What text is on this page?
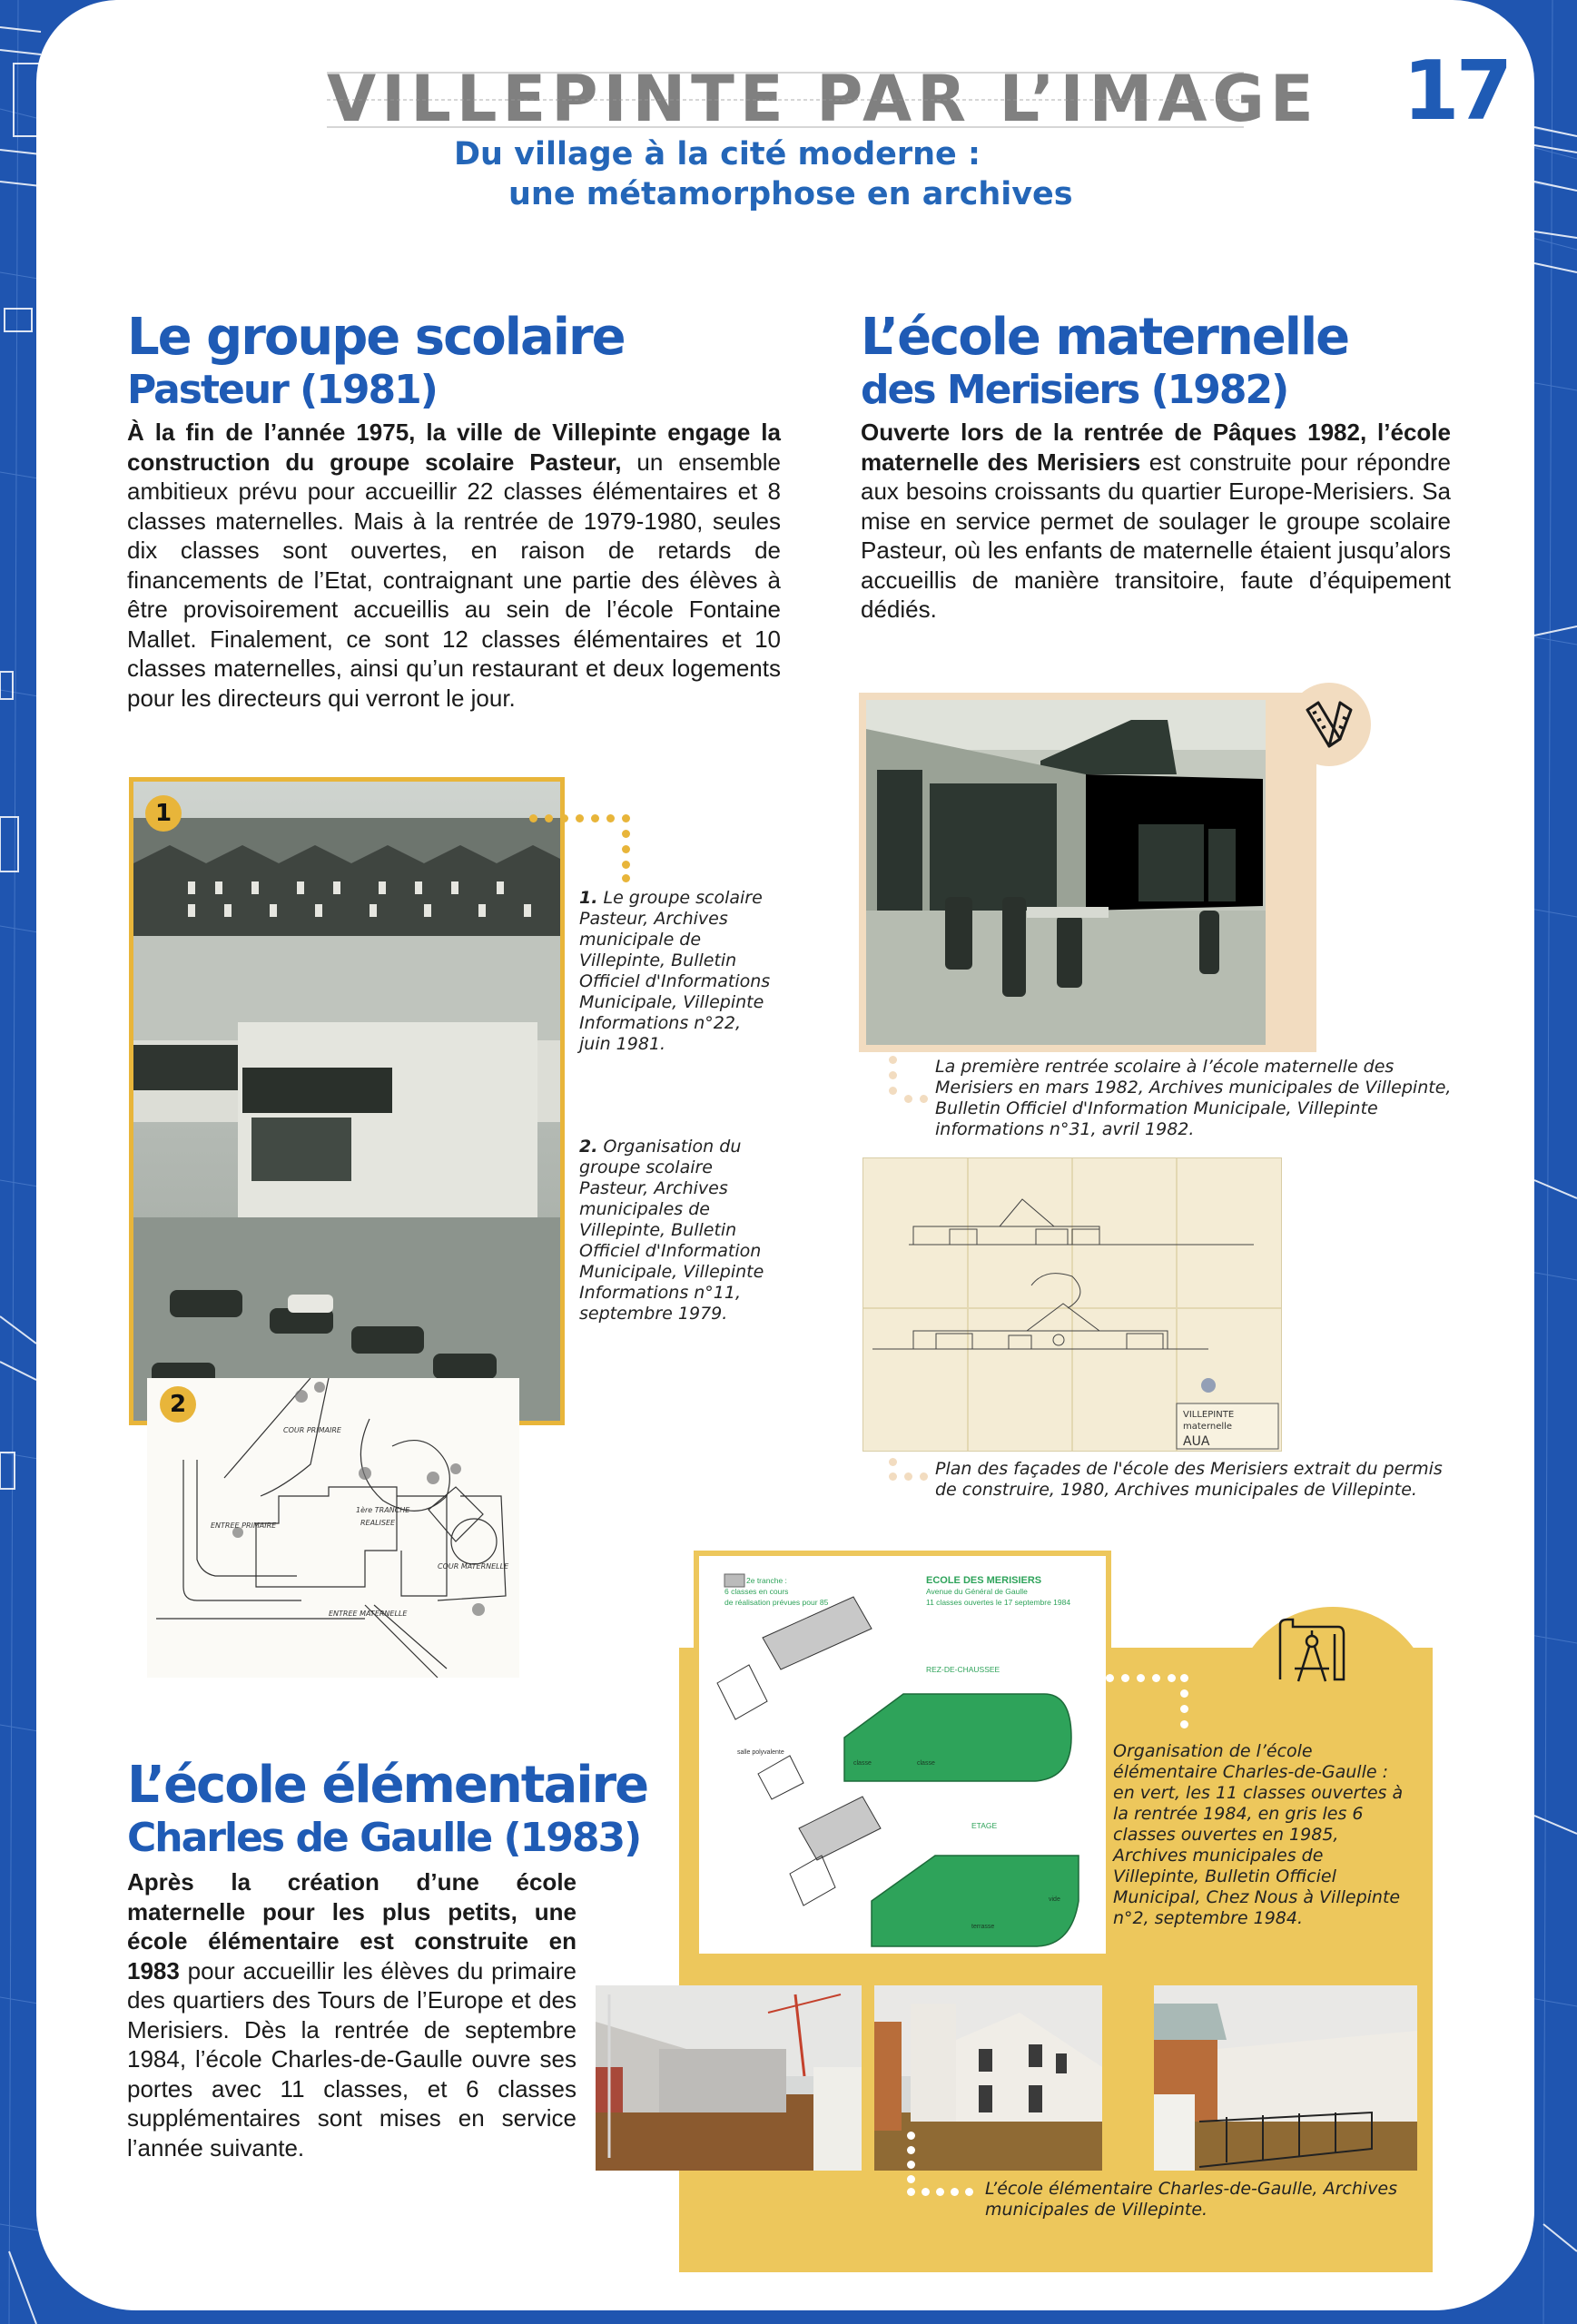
VILLEPINTE PAR L’IMAGE
Du village à la cité moderne :
une métamorphose en archives
17
Le groupe scolaire
Pasteur (1981)

À la fin de l’année 1975, la ville de Villepinte engage la construction du groupe scolaire Pasteur, un ensemble ambitieux prévu pour accueillir 22 classes élémentaires et 8 classes maternelles. Mais à la rentrée de 1979-1980, seules dix classes sont ouvertes, en raison de retards de financements de l’Etat, contraignant une partie des élèves à être provisoirement accueillis au sein de l’école Fontaine Mallet. Finalement, ce sont 12 classes élémentaires et 10 classes maternelles, ainsi qu’un restaurant et deux logements pour les directeurs qui verront le jour.

1
COUR PRIMAIRE
ENTREE PRIMAIRE
1ère TRANCHE
REALISEE
COUR MATERNELLE
ENTREE MATERNELLE
2
1. Le groupe scolaire Pasteur, Archives municipale de Villepinte, Bulletin Officiel d'Informations Municipale, Villepinte Informations n°22, juin 1981.
2. Organisation du groupe scolaire Pasteur, Archives municipales de Villepinte, Bulletin Officiel d'Information Municipale, Villepinte Informations n°11, septembre 1979.
L’école maternelle
des Merisiers (1982)

Ouverte lors de la rentrée de Pâques 1982, l’école maternelle des Merisiers est construite pour répondre aux besoins croissants du quartier Europe-Merisiers. Sa mise en service permet de soulager le groupe scolaire Pasteur, où les enfants de maternelle étaient jusqu’alors accueillis de manière transitoire, faute d’équipement dédiés.

La première rentrée scolaire à l’école maternelle des Merisiers en mars 1982, Archives municipales de Villepinte, Bulletin Officiel d'Information Municipale, Villepinte informations n°31, avril 1982.
VILLEPINTE
maternelle
AUA
Plan des façades de l'école des Merisiers extrait du permis de construire, 1980, Archives municipales de Villepinte.
2e tranche :
6 classes en cours
de réalisation prévues pour 85
ECOLE DES MERISIERS
Avenue du Général de Gaulle
11 classes ouvertes le 17 septembre 1984
REZ-DE-CHAUSSEE
ETAGE
classe	classe
terrasse
vide
salle polyvalente	Organisation de l’école élémentaire Charles-de-Gaulle : en vert, les 11 classes ouvertes à la rentrée 1984, en gris les 6 classes ouvertes en 1985, Archives municipales de Villepinte, Bulletin Officiel Municipal, Chez Nous à Villepinte n°2, septembre 1984.
L’école élémentaire
Charles de Gaulle (1983)

Après la création d’une école maternelle pour les plus petits, une école élémentaire est construite en 1983 pour accueillir les élèves du primaire des quartiers des Tours de l’Europe et des Merisiers. Dès la rentrée de septembre 1984, l’école Charles-de-Gaulle ouvre ses portes avec 11 classes, et 6 classes supplémentaires sont mises en service l’année suivante.

L’école élémentaire Charles-de-Gaulle, Archives municipales de Villepinte.
